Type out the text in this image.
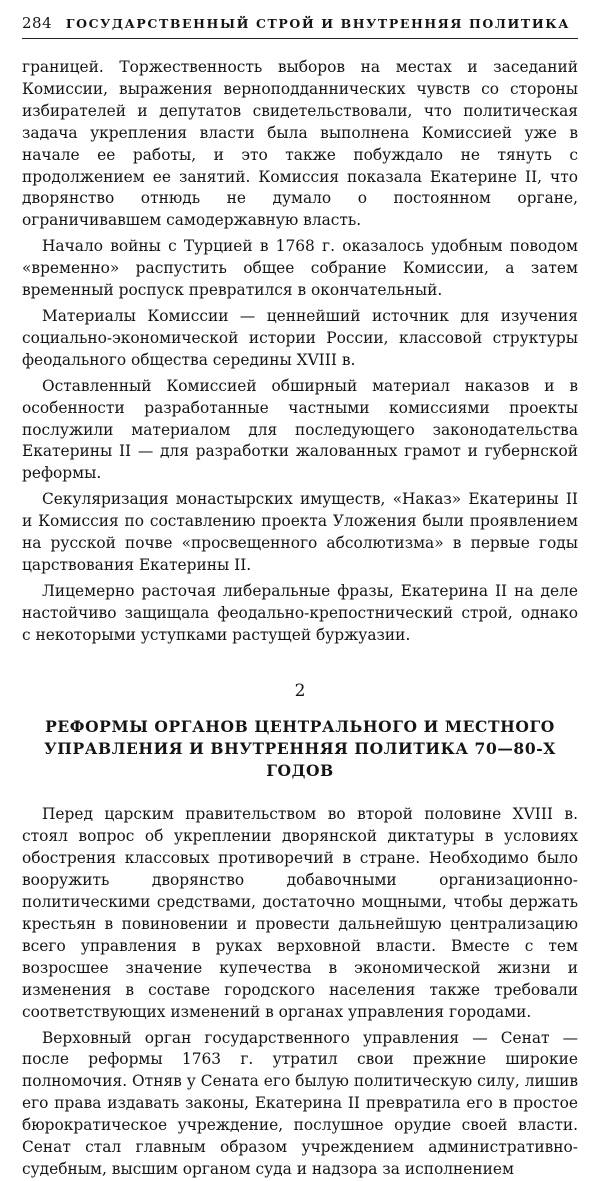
284 ГОСУДАРСТВЕННЫЙ СТРОЙ И ВНУТРЕННЯЯ ПОЛИТИКА

границей. Торжественность выборов на местах и заседаний Комиссии, выражения верноподданнических чувств со стороны избирателей и депутатов свидетельствовали, что политическая задача укрепления власти была выполнена Комиссией уже в начале ее работы, и это также побуждало не тянуть с продолжением ее занятий. Комиссия показала Екатерине II, что дворянство отнюдь не думало о постоянном органе, ограничивавшем самодержавную власть.

Начало войны с Турцией в 1768 г. оказалось удобным поводом «временно» распустить общее собрание Комиссии, а затем временный роспуск превратился в окончательный.

Материалы Комиссии — ценнейший источник для изучения социально-экономической истории России, классовой структуры феодального общества середины XVIII в.

Оставленный Комиссией обширный материал наказов и в особенности разработанные частными комиссиями проекты послужили материалом для последующего законодательства Екатерины II — для разработки жалованных грамот и губернской реформы.

Секуляризация монастырских имуществ, «Наказ» Екатерины II и Комиссия по составлению проекта Уложения были проявлением на русской почве «просвещенного абсолютизма» в первые годы царствования Екатерины II.

Лицемерно расточая либеральные фразы, Екатерина II на деле настойчиво защищала феодально-крепостнический строй, однако с некоторыми уступками растущей буржуазии.

2
РЕФОРМЫ ОРГАНОВ ЦЕНТРАЛЬНОГО И МЕСТНОГО
УПРАВЛЕНИЯ И ВНУТРЕННЯЯ ПОЛИТИКА 70—80-Х ГОДОВ

Перед царским правительством во второй половине XVIII в. стоял вопрос об укреплении дворянской диктатуры в условиях обострения классовых противоречий в стране. Необходимо было вооружить дворянство добавочными организационно-политическими средствами, достаточно мощными, чтобы держать крестьян в повиновении и провести дальнейшую централизацию всего управления в руках верховной власти. Вместе с тем возросшее значение купечества в экономической жизни и изменения в составе городского населения также требовали соответствующих изменений в органах управления городами.

Верховный орган государственного управления — Сенат — после реформы 1763 г. утратил свои прежние широкие полномочия. Отняв у Сената его былую политическую силу, лишив его права издавать законы, Екатерина II превратила его в простое бюрократическое учреждение, послушное орудие своей власти. Сенат стал главным образом учреждением административно-судебным, высшим органом суда и надзора за исполнением
